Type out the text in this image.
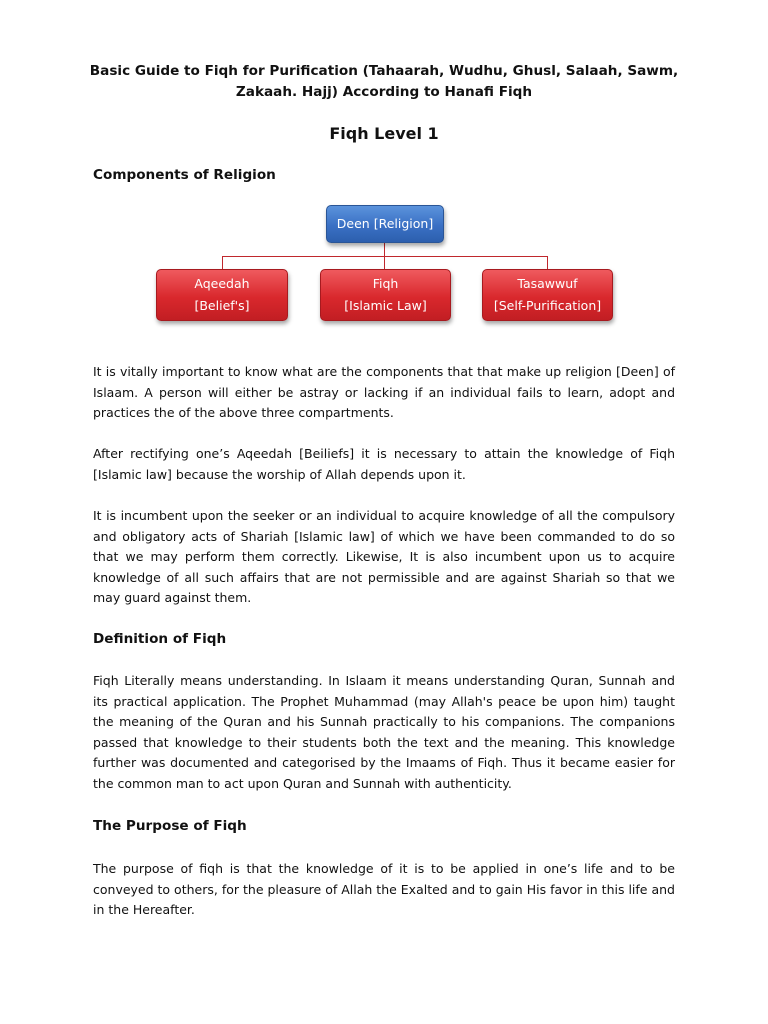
Basic Guide to Fiqh for Purification (Tahaarah, Wudhu, Ghusl, Salaah, Sawm, Zakaah. Hajj) According to Hanafi Fiqh
Fiqh Level 1
Components of Religion
Deen [Religion]
Aqeedah
[Belief's]
Fiqh
[Islamic Law]
Tasawwuf
[Self-Purification]

It is vitally important to know what are the components that that make up religion [Deen] of Islaam. A person will either be astray or lacking if an individual fails to learn, adopt and practices the of the above three compartments.

After rectifying one’s Aqeedah [Beiliefs] it is necessary to attain the knowledge of Fiqh [Islamic law] because the worship of Allah depends upon it.

It is incumbent upon the seeker or an individual to acquire knowledge of all the compulsory and obligatory acts of Shariah [Islamic law] of which we have been commanded to do so that we may perform them correctly. Likewise, It is also incumbent upon us to acquire knowledge of all such affairs that are not permissible and are against Shariah so that we may guard against them.

Definition of Fiqh

Fiqh Literally means understanding. In Islaam it means understanding Quran, Sunnah and its practical application. The Prophet Muhammad (may Allah's peace be upon him) taught the meaning of the Quran and his Sunnah practically to his companions. The companions passed that knowledge to their students both the text and the meaning. This knowledge further was documented and categorised by the Imaams of Fiqh. Thus it became easier for the common man to act upon Quran and Sunnah with authenticity.

The Purpose of Fiqh

The purpose of fiqh is that the knowledge of it is to be applied in one’s life and to be conveyed to others, for the pleasure of Allah the Exalted and to gain His favor in this life and in the Hereafter.
